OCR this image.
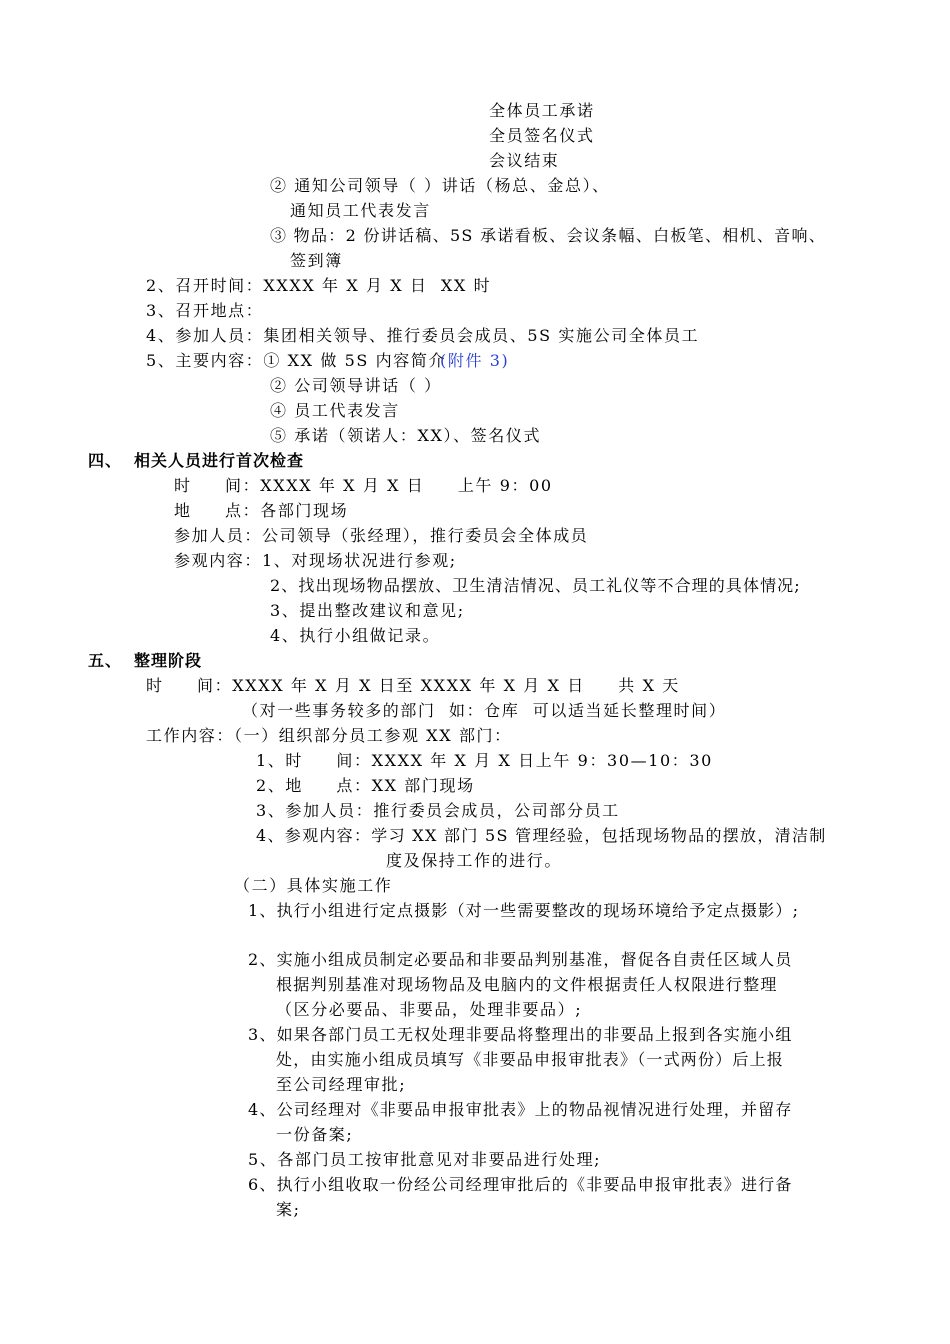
全体员工承诺
全员签名仪式
会议结束
② 通知公司领导（ ）讲话（杨总、金总）、
通知员工代表发言
③ 物品：2 份讲话稿、5S 承诺看板、会议条幅、白板笔、相机、音响、
签到簿
2、召开时间：XXXX 年 X 月 X 日  XX 时
3、召开地点：
4、参加人员：集团相关领导、推行委员会成员、5S 实施公司全体员工
5、主要内容：① XX 做 5S 内容简介
(附件 3)
② 公司领导讲话（ ）
④ 员工代表发言
⑤ 承诺（领诺人：XX）、签名仪式
四、 相关人员进行首次检查
时     间：XXXX 年 X 月 X 日     上午 9：00
地     点：各部门现场
参加人员：公司领导（张经理），推行委员会全体成员
参观内容：1、对现场状况进行参观;
2、找出现场物品摆放、卫生清洁情况、员工礼仪等不合理的具体情况;
3、提出整改建议和意见;
4、执行小组做记录。
五、 整理阶段
时     间：XXXX 年 X 月 X 日至 XXXX 年 X 月 X 日     共 X 天
（对一些事务较多的部门  如：仓库  可以适当延长整理时间）
工作内容：（一）组织部分员工参观 XX 部门：
1、时     间：XXXX 年 X 月 X 日上午 9：30—10：30
2、地     点：XX 部门现场
3、参加人员：推行委员会成员，公司部分员工
4、参观内容：学习 XX 部门 5S 管理经验，包括现场物品的摆放，清洁制
度及保持工作的进行。
（二）具体实施工作
1、执行小组进行定点摄影（对一些需要整改的现场环境给予定点摄影）;
2、实施小组成员制定必要品和非要品判别基准，督促各自责任区域人员
根据判别基准对现场物品及电脑内的文件根据责任人权限进行整理
（区分必要品、非要品，处理非要品）;
3、如果各部门员工无权处理非要品将整理出的非要品上报到各实施小组
处，由实施小组成员填写《非要品申报审批表》（一式两份）后上报
至公司经理审批;
4、公司经理对《非要品申报审批表》上的物品视情况进行处理，并留存
一份备案;
5、各部门员工按审批意见对非要品进行处理;
6、执行小组收取一份经公司经理审批后的《非要品申报审批表》进行备
案;
